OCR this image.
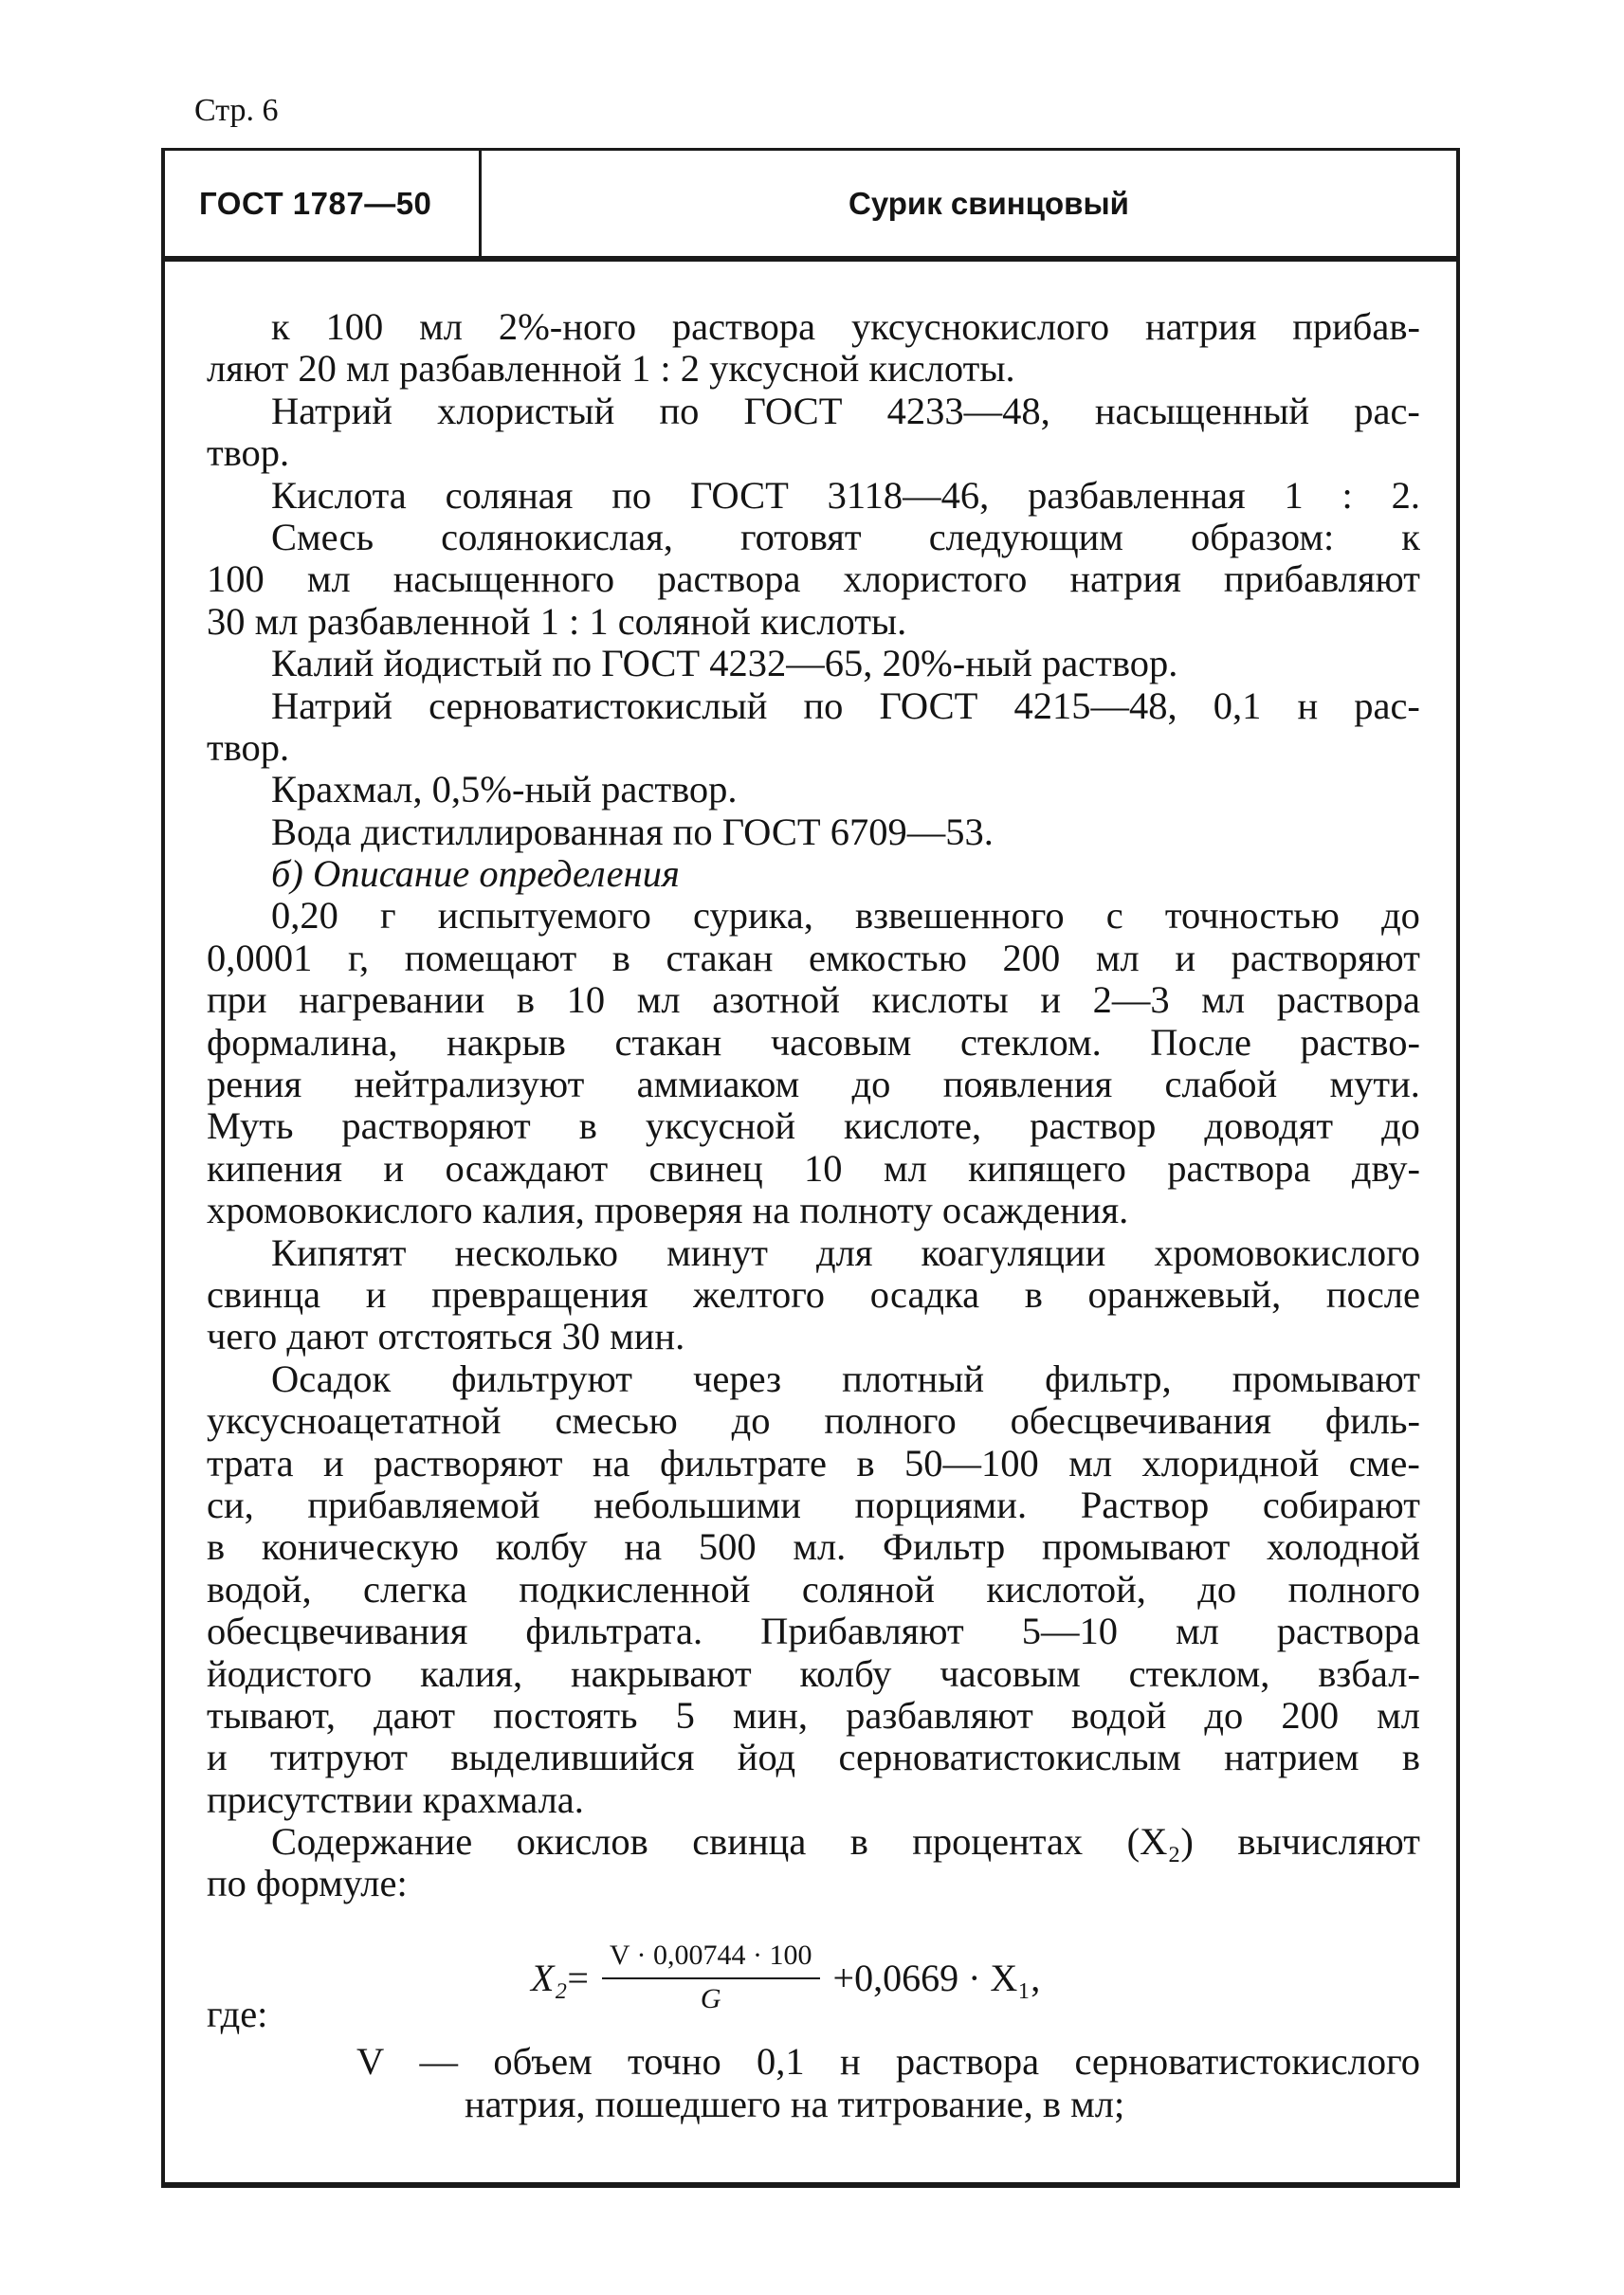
Стр. 6
ГОСТ 1787—50	Сурик свинцовый
к 100 мл 2%-ного раствора уксуснокислого натрия прибав-
ляют 20 мл разбавленной 1 : 2 уксусной кислоты.
Натрий хлористый по ГОСТ 4233—48, насыщенный рас-
твор.
Кислота соляная по ГОСТ 3118—46, разбавленная 1 : 2.
Смесь солянокислая, готовят следующим образом: к
100 мл насыщенного раствора хлористого натрия прибавляют
30 мл разбавленной 1 : 1 соляной кислоты.
Калий йодистый по ГОСТ 4232—65, 20%-ный раствор.
Натрий серноватистокислый по ГОСТ 4215—48, 0,1 н рас-
твор.
Крахмал, 0,5%-ный раствор.
Вода дистиллированная по ГОСТ 6709—53.
б) Описание определения
0,20 г испытуемого сурика, взвешенного с точностью до
0,0001 г, помещают в стакан емкостью 200 мл и растворяют
при нагревании в 10 мл азотной кислоты и 2—3 мл раствора
формалина, накрыв стакан часовым стеклом. После раство-
рения нейтрализуют аммиаком до появления слабой мути.
Муть растворяют в уксусной кислоте, раствор доводят до
кипения и осаждают свинец 10 мл кипящего раствора дву-
хромовокислого калия, проверяя на полноту осаждения.
Кипятят несколько минут для коагуляции хромовокислого
свинца и превращения желтого осадка в оранжевый, после
чего дают отстояться 30 мин.
Осадок фильтруют через плотный фильтр, промывают
уксусноацетатной смесью до полного обесцвечивания филь-
трата и растворяют на фильтрате в 50—100 мл хлоридной сме-
си, прибавляемой небольшими порциями. Раствор собирают
в коническую колбу на 500 мл. Фильтр промывают холодной
водой, слегка подкисленной соляной кислотой, до полного
обесцвечивания фильтрата. Прибавляют 5—10 мл раствора
йодистого калия, накрывают колбу часовым стеклом, взбал-
тывают, дают постоять 5 мин, разбавляют водой до 200 мл
и титруют выделившийся йод серноватистокислым натрием в
присутствии крахмала.
Содержание окислов свинца в процентах (X₂) вычисляют
по формуле:
где:
V — объем точно 0,1 н раствора серноватистокислого
натрия, пошедшего на титрование, в мл;
$X_2 = \frac{V \cdot 0,00744 \cdot 100}{G} +0,0669 \cdot X_1$,
